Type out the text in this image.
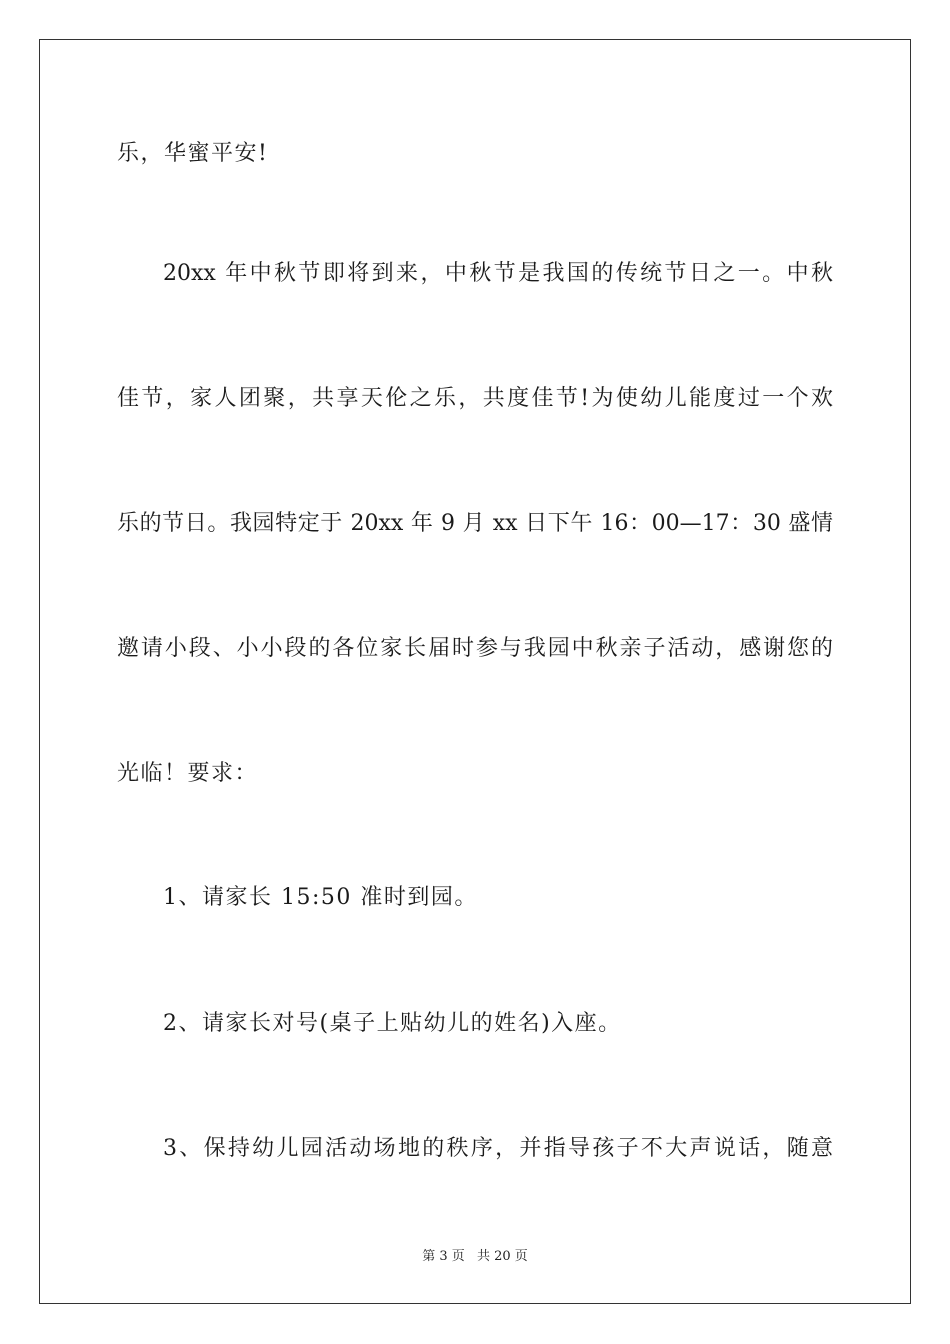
乐，华蜜平安!
20xx 年中秋节即将到来，中秋节是我国的传统节日之一。中秋
佳节，家人团聚，共享天伦之乐，共度佳节!为使幼儿能度过一个欢
乐的节日。我园特定于 20xx 年 9 月 xx 日下午 16：00—17：30 盛情
邀请小段、小小段的各位家长届时参与我园中秋亲子活动，感谢您的
光临！要求：
1、请家长 15:50 准时到园。
2、请家长对号(桌子上贴幼儿的姓名)入座。
3、保持幼儿园活动场地的秩序，并指导孩子不大声说话，随意
第 3 页 共 20 页
